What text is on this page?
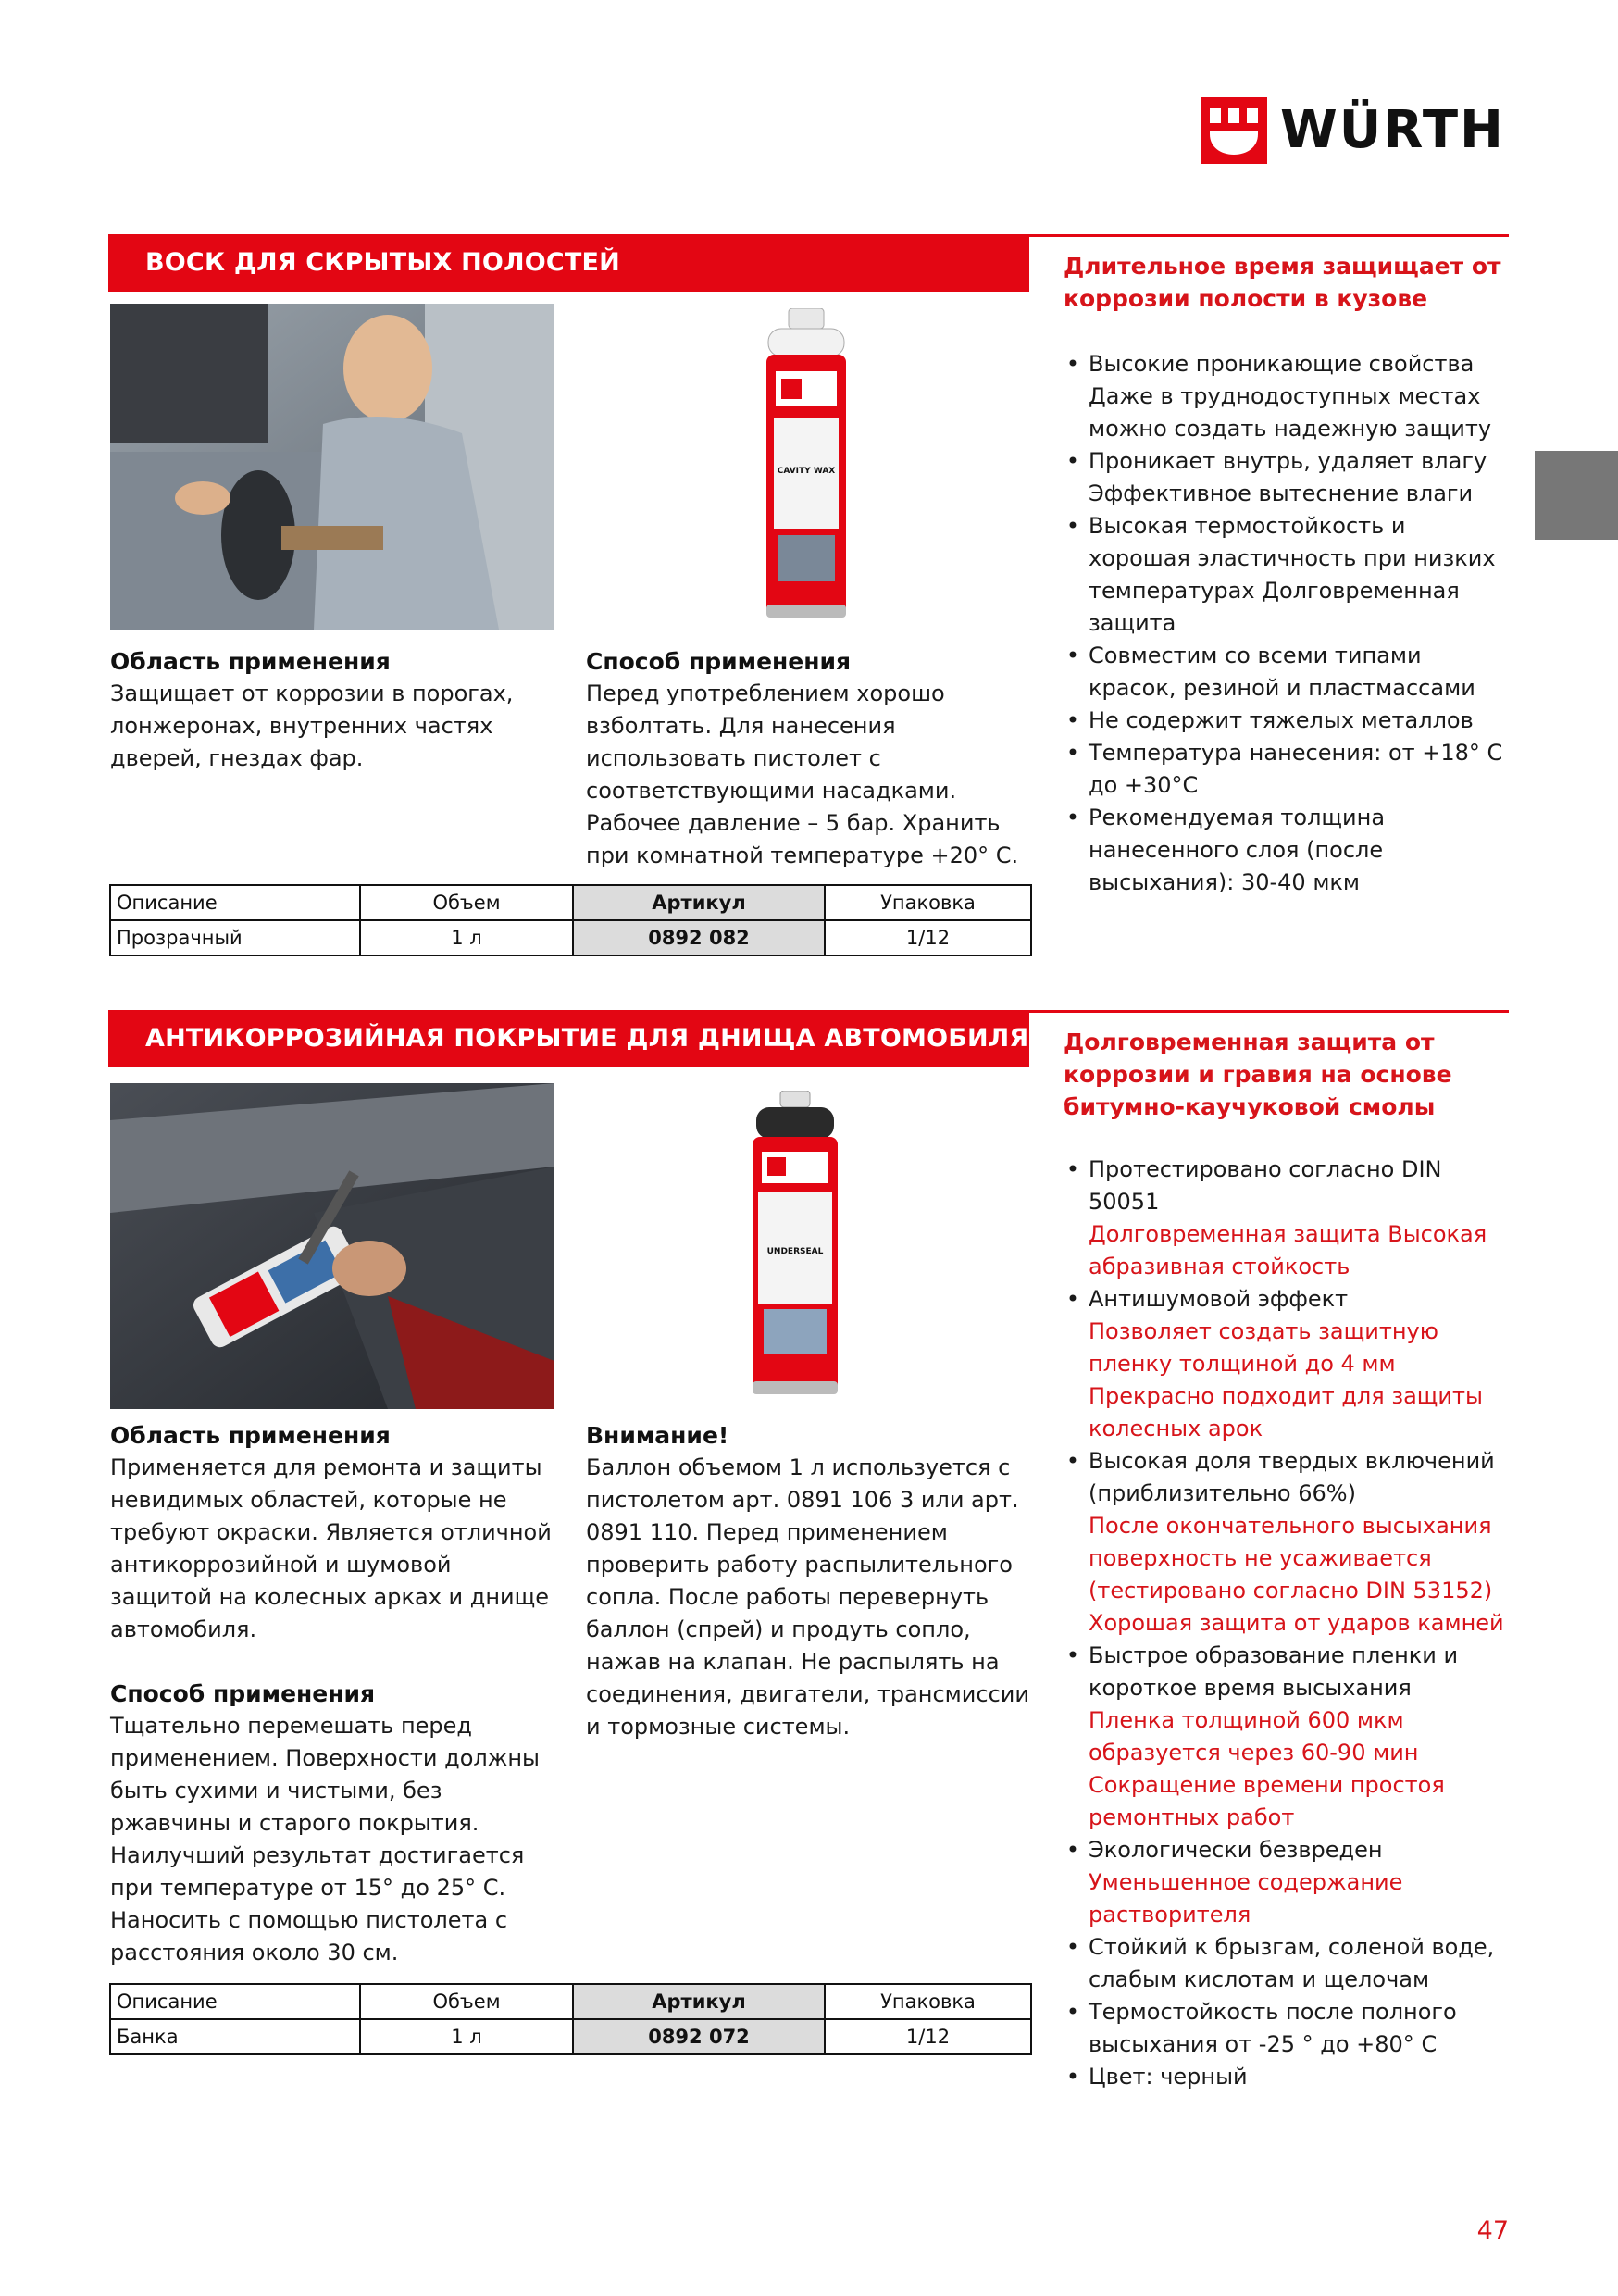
WÜRTH
ВОСК ДЛЯ СКРЫТЫХ ПОЛОСТЕЙ
CAVITY WAX

Область применения

Защищает от коррозии в порогах, лонжеронах, внутренних частях дверей, гнездах фар.

Способ применения

Перед употреблением хорошо взболтать. Для нанесения использовать пистолет с соответствующими насадками. Рабочее давление – 5 бар. Хранить при комнатной температуре +20° С.

Длительное время защищает от коррозии полости в кузове

• Высокие проникающие свойства Даже в труднодоступных местах можно создать надежную защиту
• Проникает внутрь, удаляет влагу
Эффективное вытеснение влаги
• Высокая термостойкость и хорошая эластичность при низких температурах Долговременная защита
• Совместим со всеми типами красок, резиной и пластмассами
• Не содержит тяжелых металлов
• Температура нанесения: от +18° С до +30°С
• Рекомендуемая толщина нанесенного слоя (после высыхания): 30-40 мкм
Описание	Объем	Артикул	Упаковка
Прозрачный	1 л	0892 082	1/12
АНТИКОРРОЗИЙНАЯ ПОКРЫТИЕ ДЛЯ ДНИЩА АВТОМОБИЛЯ
UNDERSEAL

Область применения

Применяется для ремонта и защиты невидимых областей, которые не требуют окраски. Является отличной антикоррозийной и шумовой защитой на колесных арках и днище автомобиля.

Способ применения

Тщательно перемешать перед применением. Поверхности должны быть сухими и чистыми, без ржавчины и старого покрытия. Наилучший результат достигается при температуре от 15° до 25° С. Наносить с помощью пистолета с расстояния около 30 см.

Внимание!

Баллон объемом 1 л используется с пистолетом арт. 0891 106 3 или арт. 0891 110. Перед применением проверить работу распылительного сопла. После работы перевернуть баллон (спрей) и продуть сопло, нажав на клапан. Не распылять на соединения, двигатели, трансмиссии и тормозные системы.

Долговременная защита от коррозии и гравия на основе битумно-каучуковой смолы

• Протестировано согласно DIN 50051
Долговременная защита Высокая абразивная стойкость
• Антишумовой эффект
Позволяет создать защитную пленку толщиной до 4 мм Прекрасно подходит для защиты колесных арок
• Высокая доля твердых включений (приблизительно 66%)
После окончательного высыхания поверхность не усаживается (тестировано согласно DIN 53152) Хорошая защита от ударов камней
• Быстрое образование пленки и короткое время высыхания
Пленка толщиной 600 мкм образуется через 60-90 мин Сокращение времени простоя ремонтных работ
• Экологически безвреден
Уменьшенное содержание растворителя
• Стойкий к брызгам, соленой воде, слабым кислотам и щелочам
• Термостойкость после полного высыхания от -25 ° до +80° С
• Цвет: черный
Описание	Объем	Артикул	Упаковка
Банка	1 л	0892 072	1/12
47
